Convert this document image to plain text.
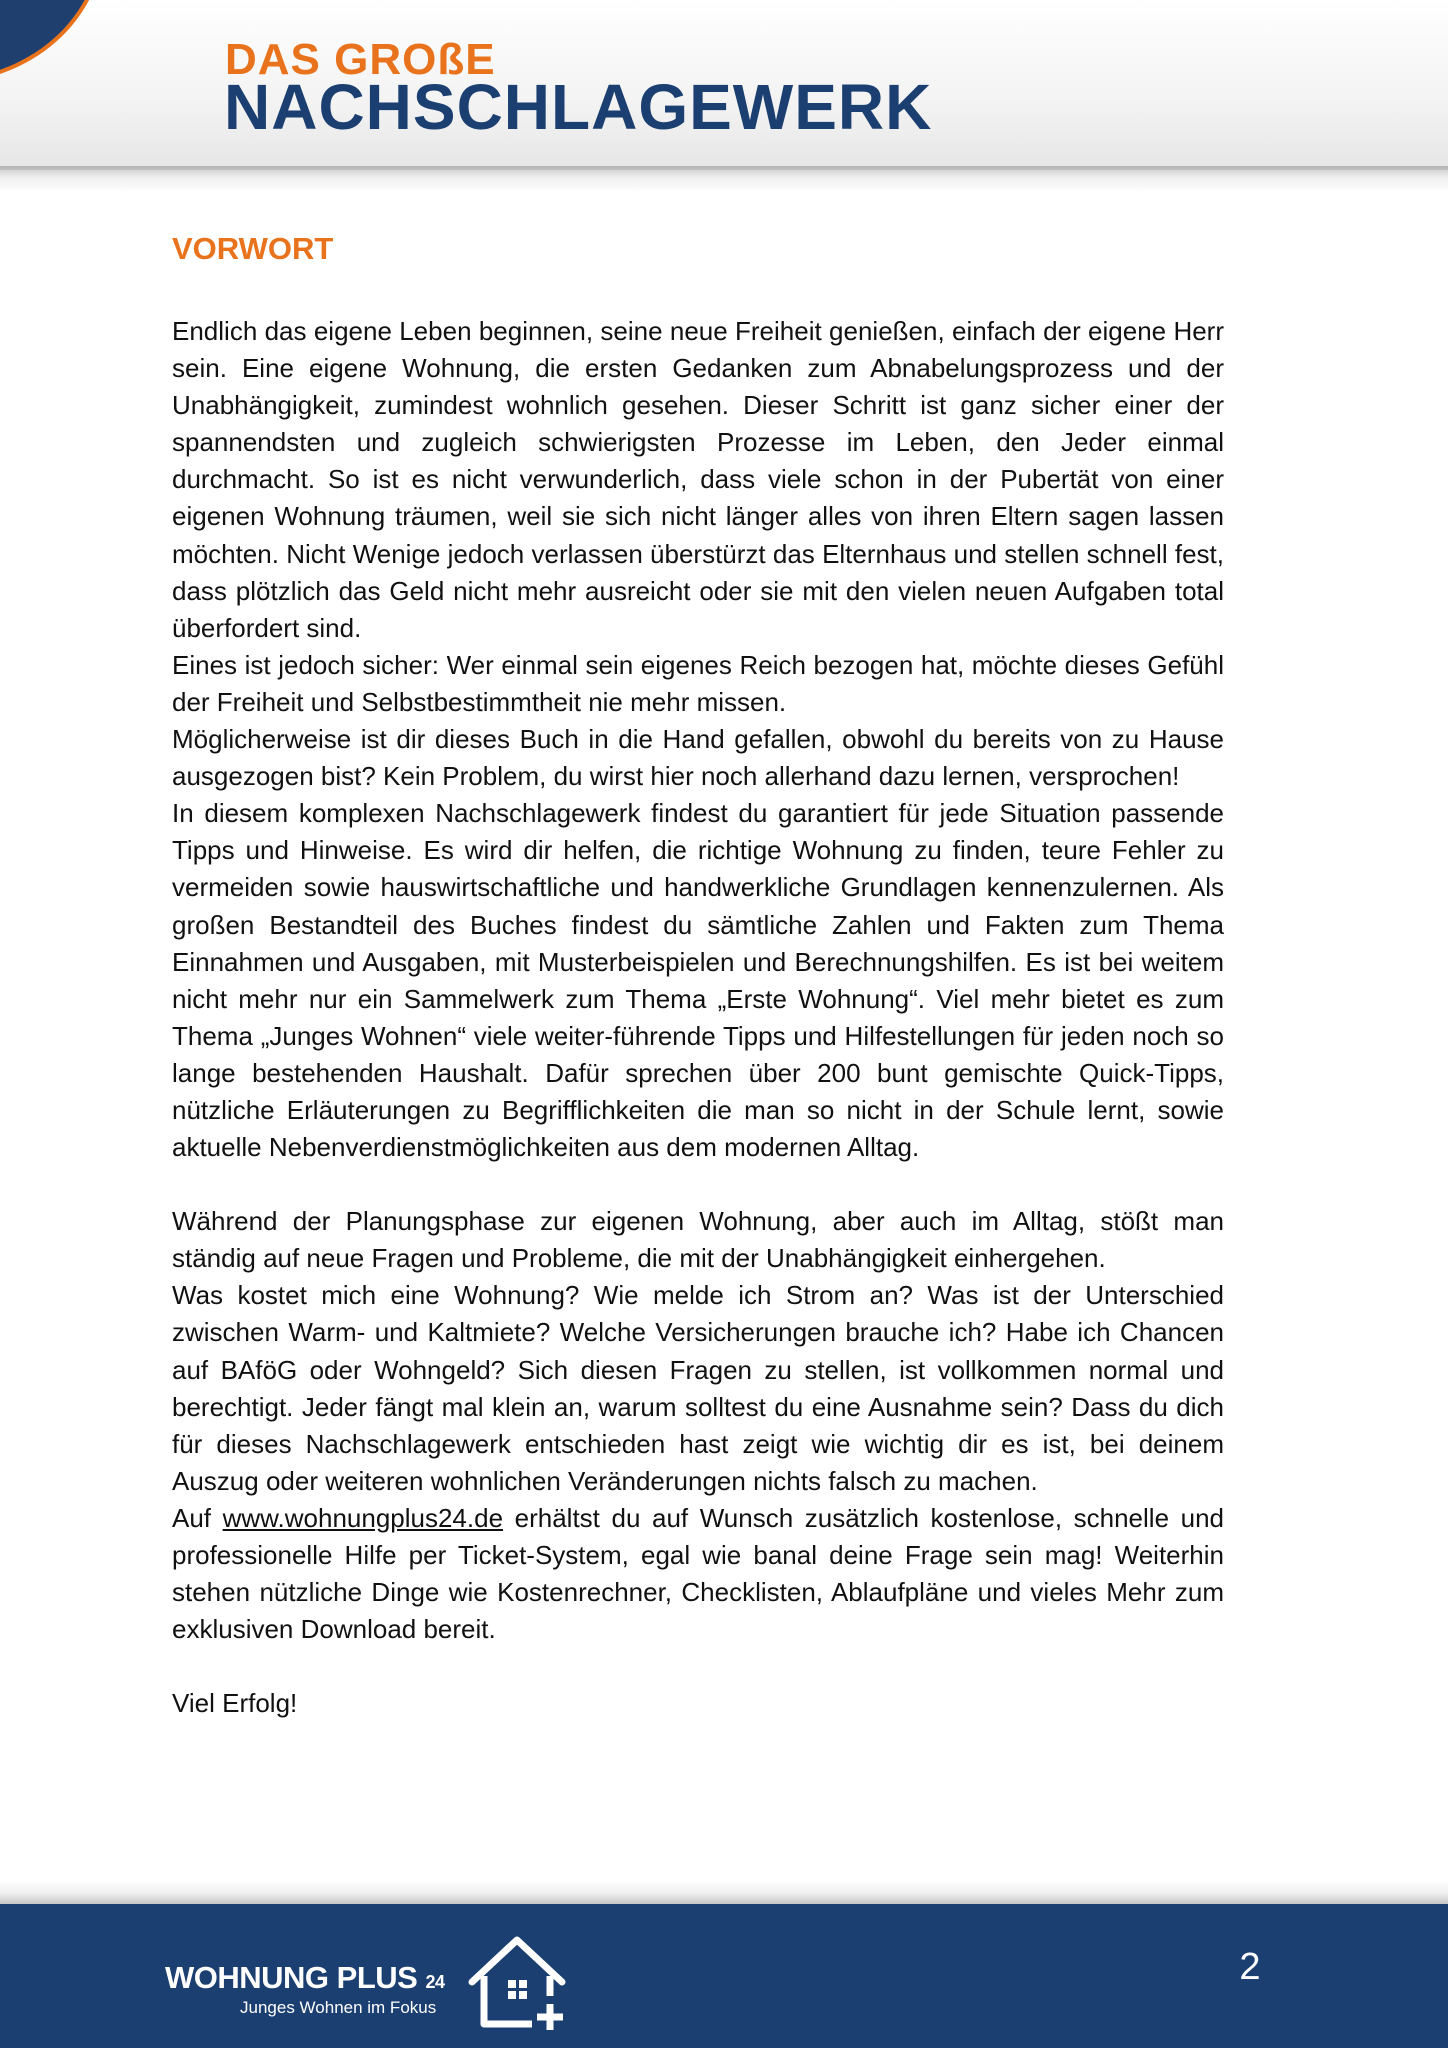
DAS GROßE
NACHSCHLAGEWERK
VORWORT

Endlich das eigene Leben beginnen, seine neue Freiheit genießen, einfach der eigene Herr sein. Eine eigene Wohnung, die ersten Gedanken zum Abnabelungsprozess und der Unabhängigkeit, zumindest wohnlich gesehen. Dieser Schritt ist ganz sicher einer der spannendsten und zugleich schwierigsten Prozesse im Leben, den Jeder einmal durchmacht. So ist es nicht verwunderlich, dass viele schon in der Pubertät von einer eigenen Wohnung träumen, weil sie sich nicht länger alles von ihren Eltern sagen lassen möchten. Nicht Wenige jedoch verlassen überstürzt das Elternhaus und stellen schnell fest, dass plötzlich das Geld nicht mehr ausreicht oder sie mit den vielen neuen Aufgaben total überfordert sind.

Eines ist jedoch sicher: Wer einmal sein eigenes Reich bezogen hat, möchte dieses Gefühl der Freiheit und Selbstbestimmtheit nie mehr missen.

Möglicherweise ist dir dieses Buch in die Hand gefallen, obwohl du bereits von zu Hause ausgezogen bist? Kein Problem, du wirst hier noch allerhand dazu lernen, versprochen!

In diesem komplexen Nachschlagewerk findest du garantiert für jede Situation passende Tipps und Hinweise. Es wird dir helfen, die richtige Wohnung zu finden, teure Fehler zu vermeiden sowie hauswirtschaftliche und handwerkliche Grundlagen kennenzulernen. Als großen Bestandteil des Buches findest du sämtliche Zahlen und Fakten zum Thema Einnahmen und Ausgaben, mit Musterbeispielen und Berechnungshilfen. Es ist bei weitem nicht mehr nur ein Sammelwerk zum Thema „Erste Wohnung“. Viel mehr bietet es zum Thema „Junges Wohnen“ viele weiter-führende Tipps und Hilfestellungen für jeden noch so lange bestehenden Haushalt. Dafür sprechen über 200 bunt gemischte Quick-Tipps, nützliche Erläuterungen zu Begrifflichkeiten die man so nicht in der Schule lernt, sowie aktuelle Nebenverdienstmöglichkeiten aus dem modernen Alltag.

Während der Planungsphase zur eigenen Wohnung, aber auch im Alltag, stößt man ständig auf neue Fragen und Probleme, die mit der Unabhängigkeit einhergehen.

Was kostet mich eine Wohnung? Wie melde ich Strom an? Was ist der Unterschied zwischen Warm- und Kaltmiete? Welche Versicherungen brauche ich? Habe ich Chancen auf BAföG oder Wohngeld? Sich diesen Fragen zu stellen, ist vollkommen normal und berechtigt. Jeder fängt mal klein an, warum solltest du eine Ausnahme sein? Dass du dich für dieses Nachschlagewerk entschieden hast zeigt wie wichtig dir es ist, bei deinem Auszug oder weiteren wohnlichen Veränderungen nichts falsch zu machen.

Auf www.wohnungplus24.de erhältst du auf Wunsch zusätzlich kostenlose, schnelle und professionelle Hilfe per Ticket-System, egal wie banal deine Frage sein mag! Weiterhin stehen nützliche Dinge wie Kostenrechner, Checklisten, Ablaufpläne und vieles Mehr zum exklusiven Download bereit.

Viel Erfolg!

WOHNUNG PLUS 24
Junges Wohnen im Fokus
2
